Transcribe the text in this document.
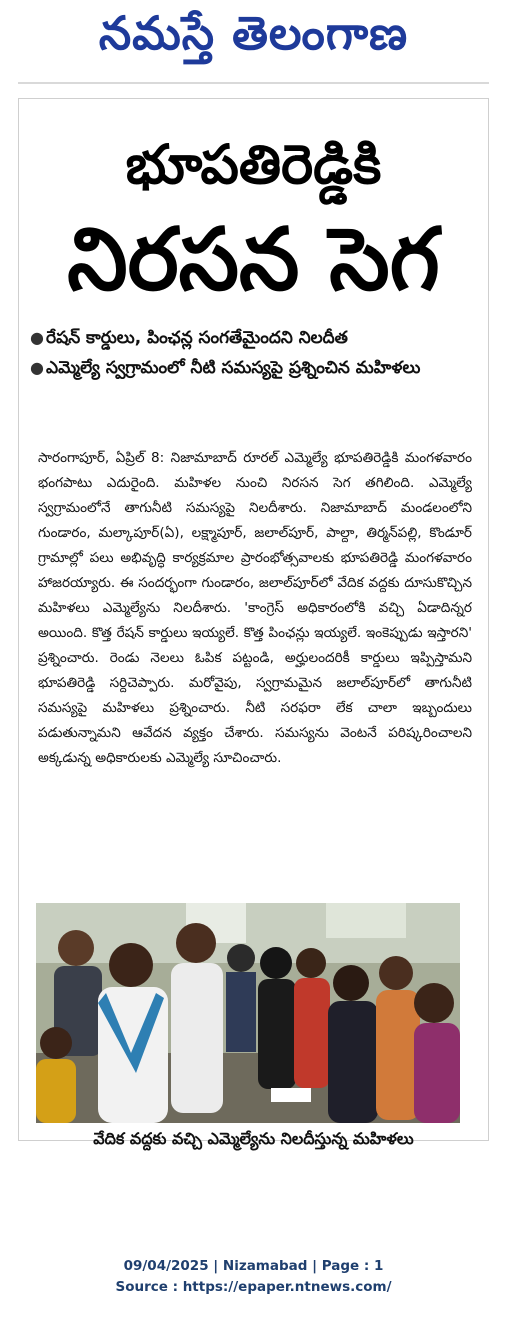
నమస్తే తెలంగాణ
భూపతిరెడ్డికి
నిరసన సెగ
● రేషన్ కార్డులు, పింఛన్ల సంగతేమైందని నిలదీత
● ఎమ్మెల్యే స్వగ్రామంలో నీటి సమస్యపై ప్రశ్నించిన మహిళలు
సారంగాపూర్, ఏప్రిల్ 8: నిజామాబాద్ రూరల్ ఎమ్మెల్యే భూపతిరెడ్డికి మంగళవారం భంగపాటు ఎదురైంది. మహిళల నుంచి నిరసన సెగ తగిలింది. ఎమ్మెల్యే స్వగ్రామంలోనే తాగునీటి సమస్యపై నిలదీశారు. నిజామాబాద్ మండలంలోని గుండారం, మల్కాపూర్(ఏ), లక్ష్మాపూర్, జలాల్‌పూర్, పాల్దా, తిర్మన్‌పల్లి, కొండూర్ గ్రామాల్లో పలు అభివృద్ధి కార్యక్రమాల ప్రారంభోత్సవాలకు భూపతిరెడ్డి మంగళవారం హాజరయ్యారు. ఈ సందర్భంగా గుండారం, జలాల్‌పూర్‌లో వేదిక వద్దకు దూసుకొచ్చిన మహిళలు ఎమ్మెల్యేను నిలదీశారు. 'కాంగ్రెస్ అధికారంలోకి వచ్చి ఏడాదిన్నర అయింది. కొత్త రేషన్ కార్డులు ఇయ్యలే. కొత్త పింఛన్లు ఇయ్యలే. ఇంకెప్పుడు ఇస్తారని' ప్రశ్నించారు. రెండు నెలలు ఓపిక పట్టండి, అర్హులందరికీ కార్డులు ఇప్పిస్తామని భూపతిరెడ్డి సర్దిచెప్పారు. మరోవైపు, స్వగ్రామమైన జలాల్‌పూర్‌లో తాగునీటి సమస్యపై మహిళలు ప్రశ్నించారు. నీటి సరఫరా లేక చాలా ఇబ్బందులు పడుతున్నామని ఆవేదన వ్యక్తం చేశారు. సమస్యను వెంటనే పరిష్కరించాలని అక్కడున్న అధికారులకు ఎమ్మెల్యే సూచించారు.
వేదిక వద్దకు వచ్చి ఎమ్మెల్యేను నిలదీస్తున్న మహిళలు
09/04/2025 | Nizamabad | Page : 1
Source : https://epaper.ntnews.com/
